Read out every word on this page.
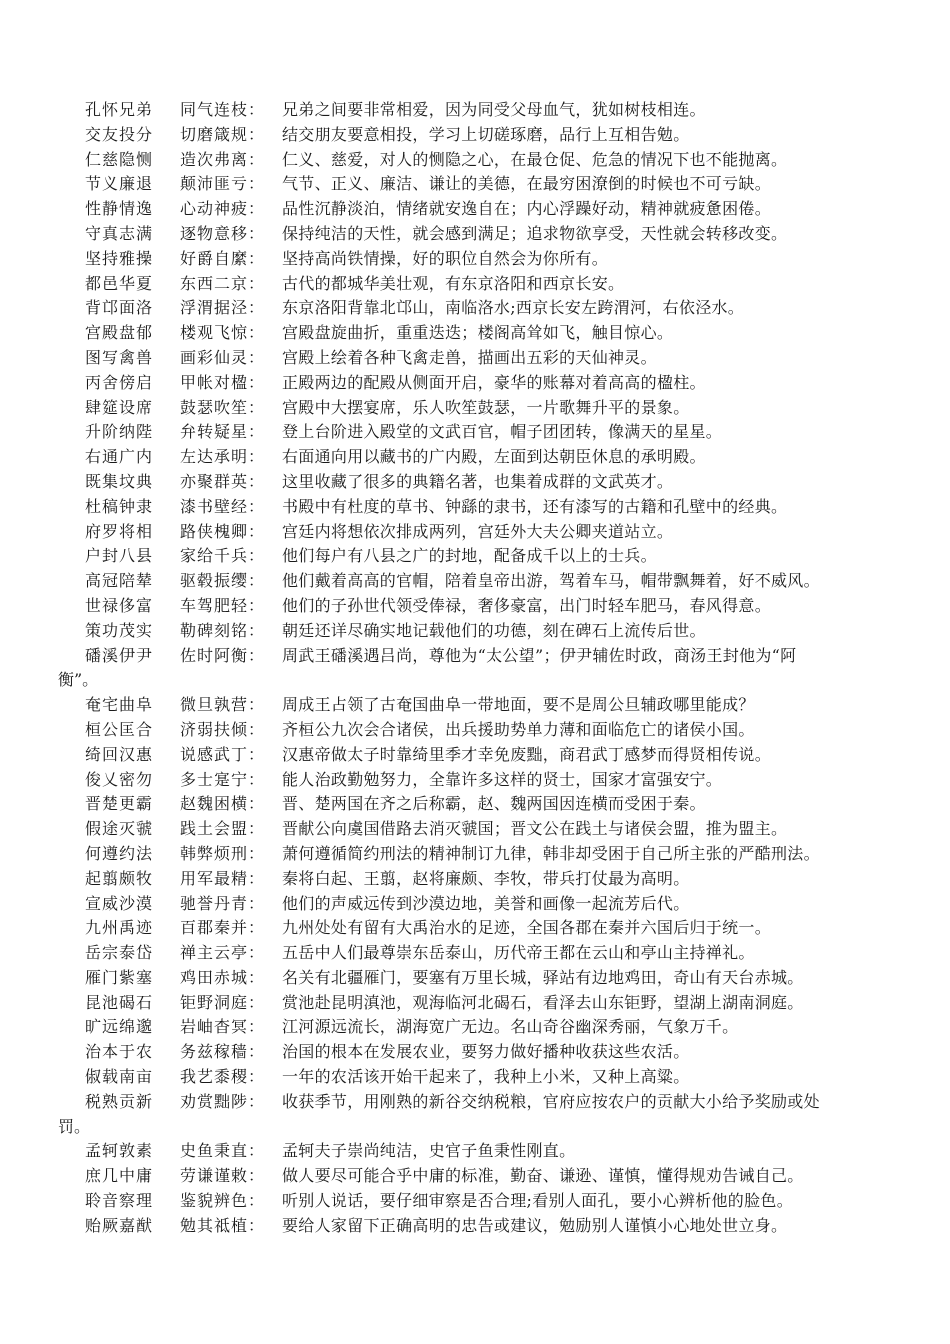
孔怀兄弟 同气连枝： 兄弟之间要非常相爱，因为同受父母血气，犹如树枝相连。
交友投分 切磨箴规： 结交朋友要意相投，学习上切磋琢磨，品行上互相告勉。
仁慈隐恻 造次弗离： 仁义、慈爱，对人的恻隐之心，在最仓促、危急的情况下也不能抛离。
节义廉退 颠沛匪亏： 气节、正义、廉洁、谦让的美德，在最穷困潦倒的时候也不可亏缺。
性静情逸 心动神疲： 品性沉静淡泊，情绪就安逸自在；内心浮躁好动，精神就疲惫困倦。
守真志满 逐物意移： 保持纯洁的天性，就会感到满足；追求物欲享受，天性就会转移改变。
坚持雅操 好爵自縻： 坚持高尚铁情操，好的职位自然会为你所有。
都邑华夏 东西二京： 古代的都城华美壮观，有东京洛阳和西京长安。
背邙面洛 浮渭据泾： 东京洛阳背靠北邙山，南临洛水;西京长安左跨渭河，右依泾水。
宫殿盘郁 楼观飞惊： 宫殿盘旋曲折，重重迭迭；楼阁高耸如飞，触目惊心。
图写禽兽 画彩仙灵： 宫殿上绘着各种飞禽走兽，描画出五彩的天仙神灵。
丙舍傍启 甲帐对楹： 正殿两边的配殿从侧面开启，豪华的账幕对着高高的楹柱。
肆筵设席 鼓瑟吹笙： 宫殿中大摆宴席，乐人吹笙鼓瑟，一片歌舞升平的景象。
升阶纳陛 弁转疑星： 登上台阶进入殿堂的文武百官，帽子团团转，像满天的星星。
右通广内 左达承明： 右面通向用以藏书的广内殿，左面到达朝臣休息的承明殿。
既集坟典 亦聚群英： 这里收藏了很多的典籍名著，也集着成群的文武英才。
杜稿钟隶 漆书壁经： 书殿中有杜度的草书、钟繇的隶书，还有漆写的古籍和孔壁中的经典。
府罗将相 路侠槐卿： 宫廷内将想依次排成两列，宫廷外大夫公卿夹道站立。
户封八县 家给千兵： 他们每户有八县之广的封地，配备成千以上的士兵。
高冠陪辇 驱毂振缨： 他们戴着高高的官帽，陪着皇帝出游，驾着车马，帽带飘舞着，好不威风。
世禄侈富 车驾肥轻： 他们的子孙世代领受俸禄，奢侈豪富，出门时轻车肥马，春风得意。
策功茂实 勒碑刻铭： 朝廷还详尽确实地记载他们的功德，刻在碑石上流传后世。
磻溪伊尹 佐时阿衡： 周武王磻溪遇吕尚，尊他为“太公望”；伊尹辅佐时政，商汤王封他为“阿
衡”。
奄宅曲阜 微旦孰营： 周成王占领了古奄国曲阜一带地面，要不是周公旦辅政哪里能成？
桓公匡合 济弱扶倾： 齐桓公九次会合诸侯，出兵援助势单力薄和面临危亡的诸侯小国。
绮回汉惠 说感武丁： 汉惠帝做太子时靠绮里季才幸免废黜，商君武丁感梦而得贤相传说。
俊乂密勿 多士寔宁： 能人治政勤勉努力，全靠许多这样的贤士，国家才富强安宁。
晋楚更霸 赵魏困横： 晋、楚两国在齐之后称霸，赵、魏两国因连横而受困于秦。
假途灭虢 践土会盟： 晋献公向虞国借路去消灭虢国；晋文公在践土与诸侯会盟，推为盟主。
何遵约法 韩弊烦刑： 萧何遵循简约刑法的精神制订九律，韩非却受困于自己所主张的严酷刑法。
起翦颇牧 用军最精： 秦将白起、王翦，赵将廉颇、李牧，带兵打仗最为高明。
宣威沙漠 驰誉丹青： 他们的声威远传到沙漠边地，美誉和画像一起流芳后代。
九州禹迹 百郡秦并： 九州处处有留有大禹治水的足迹，全国各郡在秦并六国后归于统一。
岳宗泰岱 禅主云亭： 五岳中人们最尊崇东岳泰山，历代帝王都在云山和亭山主持禅礼。
雁门紫塞 鸡田赤城： 名关有北疆雁门，要塞有万里长城，驿站有边地鸡田，奇山有天台赤城。
昆池碣石 钜野洞庭： 赏池赴昆明滇池，观海临河北碣石，看泽去山东钜野，望湖上湖南洞庭。
旷远绵邈 岩岫杳冥： 江河源远流长，湖海宽广无边。名山奇谷幽深秀丽，气象万千。
治本于农 务兹稼穑： 治国的根本在发展农业，要努力做好播种收获这些农活。
俶载南亩 我艺黍稷： 一年的农活该开始干起来了，我种上小米，又种上高粱。
税熟贡新 劝赏黜陟： 收获季节，用刚熟的新谷交纳税粮，官府应按农户的贡献大小给予奖励或处
罚。
孟轲敦素 史鱼秉直： 孟轲夫子崇尚纯洁，史官子鱼秉性刚直。
庶几中庸 劳谦谨敕： 做人要尽可能合乎中庸的标准，勤奋、谦逊、谨慎，懂得规劝告诫自己。
聆音察理 鉴貌辨色： 听别人说话，要仔细审察是否合理;看别人面孔，要小心辨析他的脸色。
贻厥嘉猷 勉其祗植： 要给人家留下正确高明的忠告或建议，勉励别人谨慎小心地处世立身。
